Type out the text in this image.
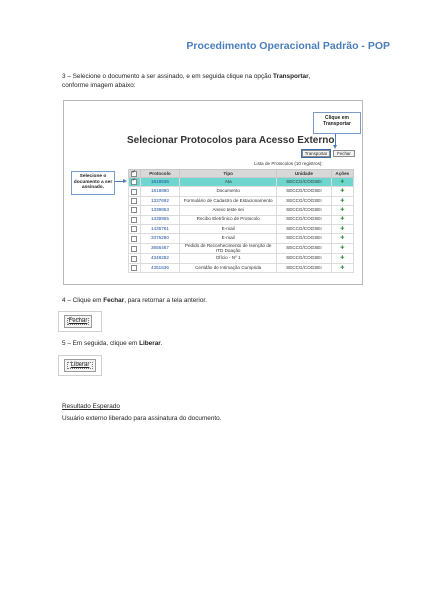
Procedimento Operacional Padrão - POP
3 – Selecione o documento a ser assinado, e em seguida clique na opção Transportar,
conforme imagem abaixo:
Selecionar Protocolos para Acesso Externo
Clique em Transportar
Transportar	Fechar
Lista de Protocolos (10 registros):
✓	Protocolo	Tipo	Unidade	Ações
✓	1818636	Ata	SECCG/COGSEI	✚
	1818880	Documento	SECCG/COGSEI	✚
	1337692	Formulário de Cadastro de Estacionamento	SECCG/COGSEI	✚
	1339953	Anexo teste sei	SECCG/COGSEI	✚
	1339955	Recibo Eletrônico de Protocolo	SECCG/COGSEI	✚
	1435761	E-mail	SECCG/COGSEI	✚
	3375260	E-mail	SECCG/COGSEI	✚
	3656467	Pedido de Reconhecimento de Isenção de ITD Doação	SECCG/COGSEI	✚
	4349282	Ofício - Nº 1	SECCG/COGSEI	✚
	4351636	Certidão de Intimação Cumprida	SECCG/COGSEI	✚
Selecione o documento a ser assinado.
4 – Clique em Fechar, para retornar a tela anterior.
Fechar
5 – Em seguida, clique em Liberar.
Liberar
Resultado Esperado
Usuário externo liberado para assinatura do documento.
